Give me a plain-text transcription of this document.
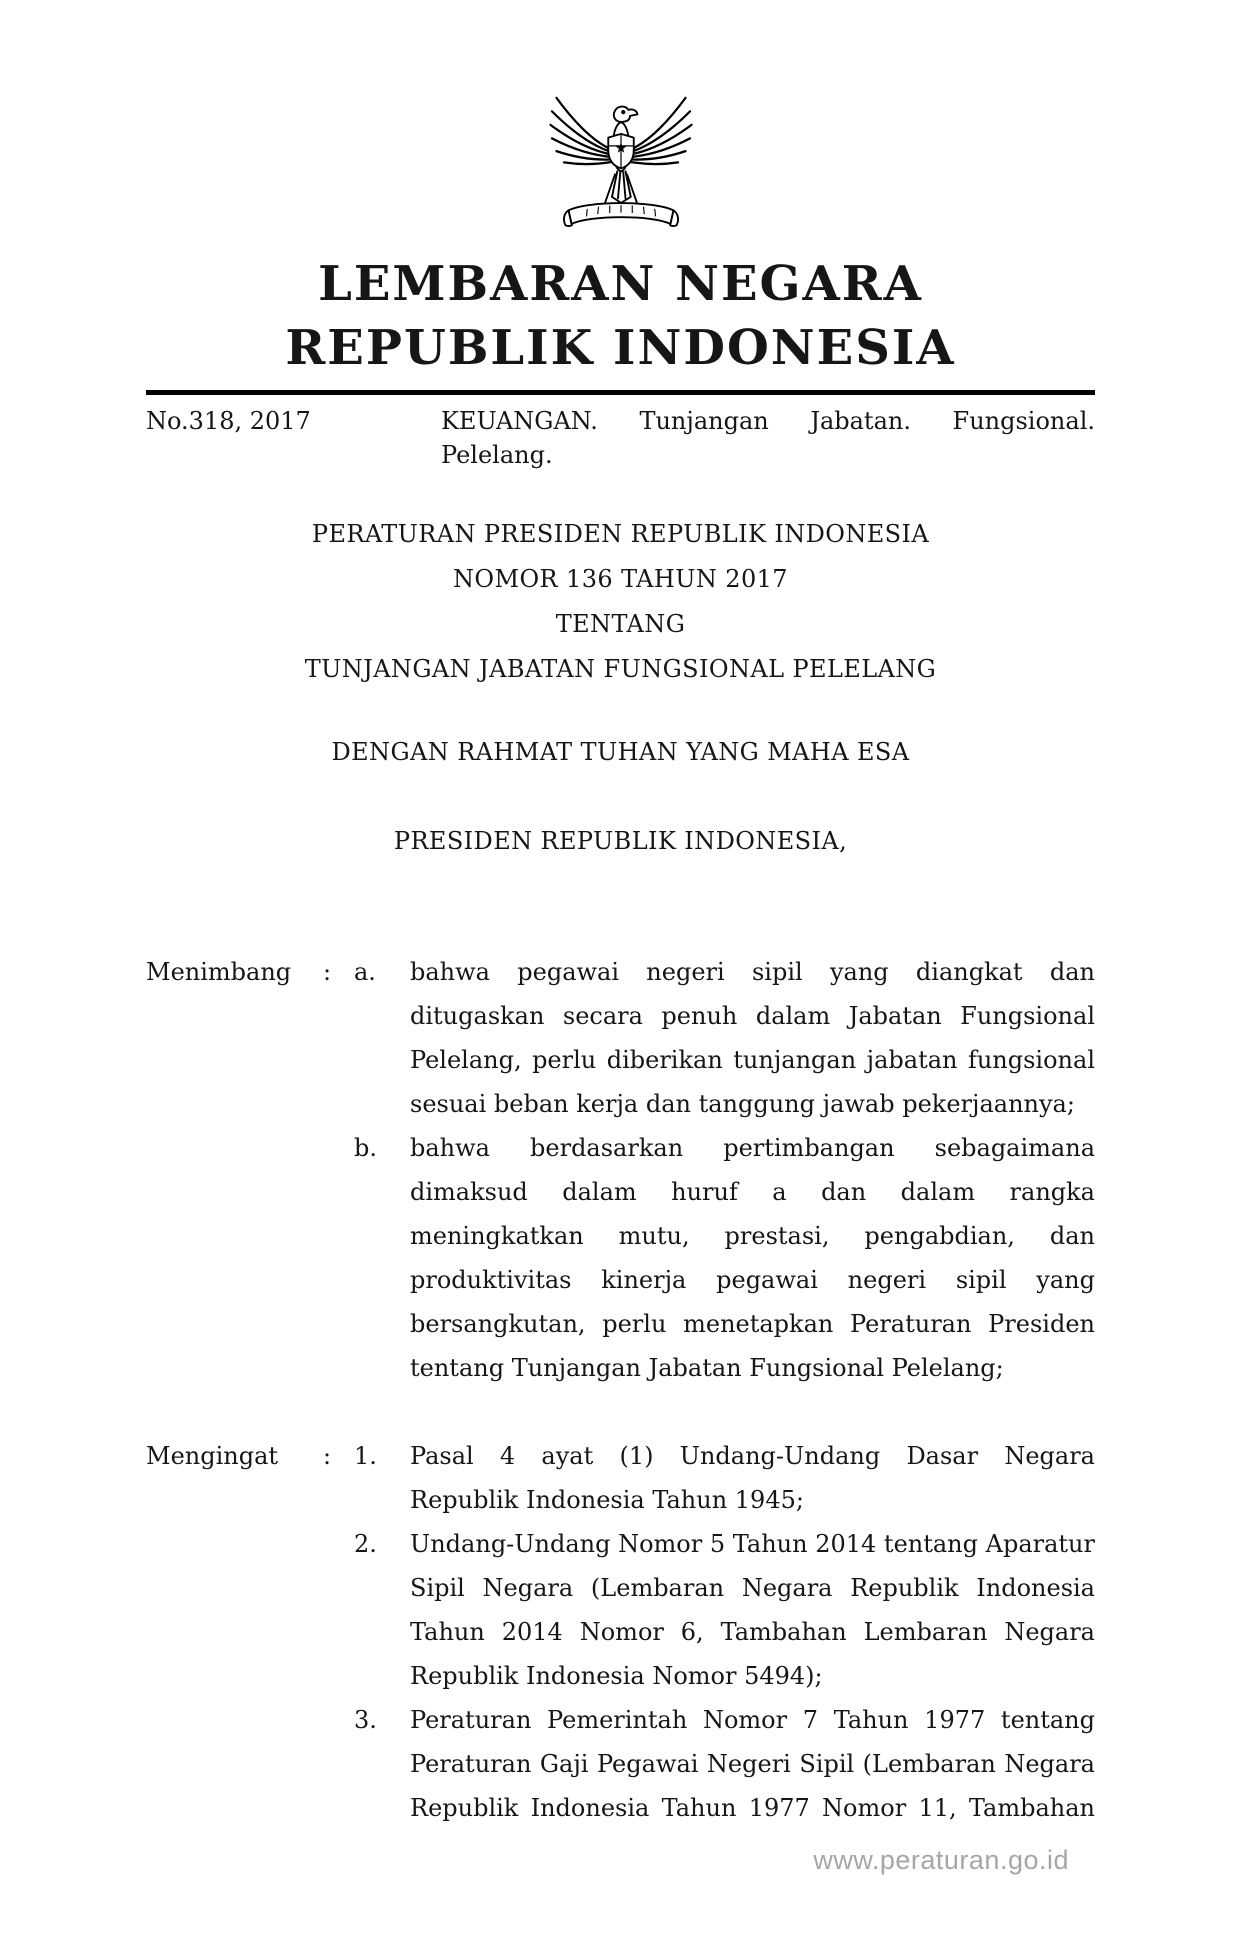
LEMBARAN NEGARA
REPUBLIK INDONESIA
No.318, 2017	KEUANGAN. Tunjangan Jabatan. Fungsional.

Pelelang.

PERATURAN PRESIDEN REPUBLIK INDONESIA
NOMOR 136 TAHUN 2017
TENTANG
TUNJANGAN JABATAN FUNGSIONAL PELELANG
DENGAN RAHMAT TUHAN YANG MAHA ESA
PRESIDEN REPUBLIK INDONESIA,
Menimbang	: a.	bahwa pegawai negeri sipil yang diangkat dan ditugaskan secara penuh dalam Jabatan Fungsional Pelelang, perlu diberikan tunjangan jabatan fungsional sesuai beban kerja dan tanggung jawab pekerjaannya;

b.	bahwa berdasarkan pertimbangan sebagaimana dimaksud dalam huruf a dan dalam rangka meningkatkan mutu, prestasi, pengabdian, dan produktivitas kinerja pegawai negeri sipil yang bersangkutan, perlu menetapkan Peraturan Presiden tentang Tunjangan Jabatan Fungsional Pelelang;

Mengingat	: 1.	Pasal 4 ayat (1) Undang-Undang Dasar Negara Republik Indonesia Tahun 1945;

2.	Undang-Undang Nomor 5 Tahun 2014 tentang Aparatur Sipil Negara (Lembaran Negara Republik Indonesia Tahun 2014 Nomor 6, Tambahan Lembaran Negara Republik Indonesia Nomor 5494);

3.	Peraturan Pemerintah Nomor 7 Tahun 1977 tentang Peraturan Gaji Pegawai Negeri Sipil (Lembaran Negara Republik Indonesia Tahun 1977 Nomor 11, Tambahan

www.peraturan.go.id
